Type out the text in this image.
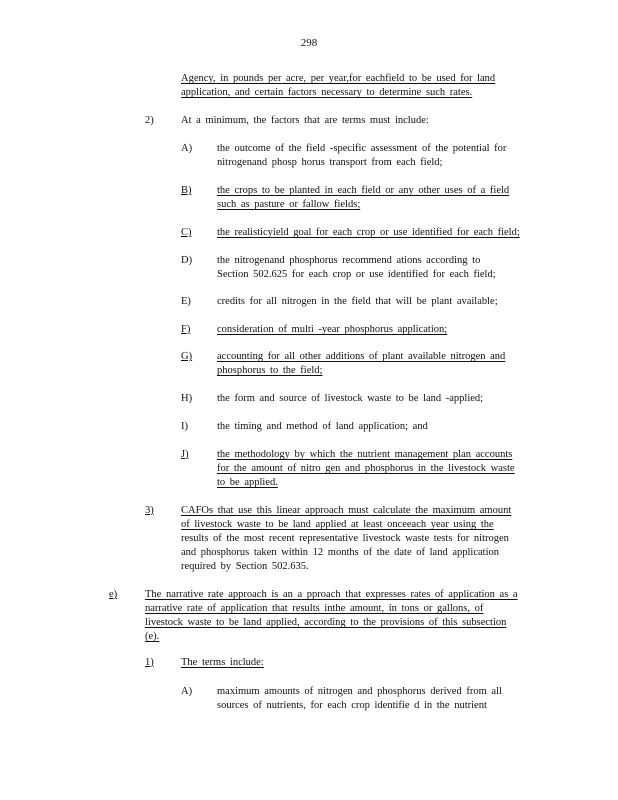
298
Agency, in pounds per acre, per year,for eachfield to be used for land
application, and certain factors necessary to determine such rates.
2)	At a minimum, the factors that are terms must include:
A) the outcome of the field -specific assessment of the potential for
nitrogenand phosp horus transport from each field;
B) the crops to be planted in each field or any other uses of a field
such as pasture or fallow fields;
C) the realisticyield goal for each crop or use identified for each field;
D) the nitrogenand phosphorus recommend ations according to
Section 502.625 for each crop or use identified for each field;
E) credits for all nitrogen in the field that will be plant available;
F)	consideration of multi -year phosphorus application;
G) accounting for all other additions of plant available nitrogen and
phosphorus to the field;
H) the form and source of livestock waste to be land -applied;
I)	the timing and method of land application; and
J)	the methodology by which the nutrient management plan accounts
for the amount of nitro gen and phosphorus in the livestock waste
to be applied.
3)	CAFOs that use this linear approach must calculate the maximum amount
of livestock waste to be land applied at least onceeach year using the
results of the most recent representative livestock waste tests for nitrogen
and phosphorus taken within 12 months of the date of land application
required by Section 502.635.
e)	The narrative rate approach is an a pproach that expresses rates of application as a
narrative rate of application that results inthe amount, in tons or gallons, of
livestock waste to be land applied, according to the provisions of this subsection
(e).
1)	The terms include:
A) maximum amounts of nitrogen and phosphorus derived from all
sources of nutrients, for each crop identifie d in the nutrient
